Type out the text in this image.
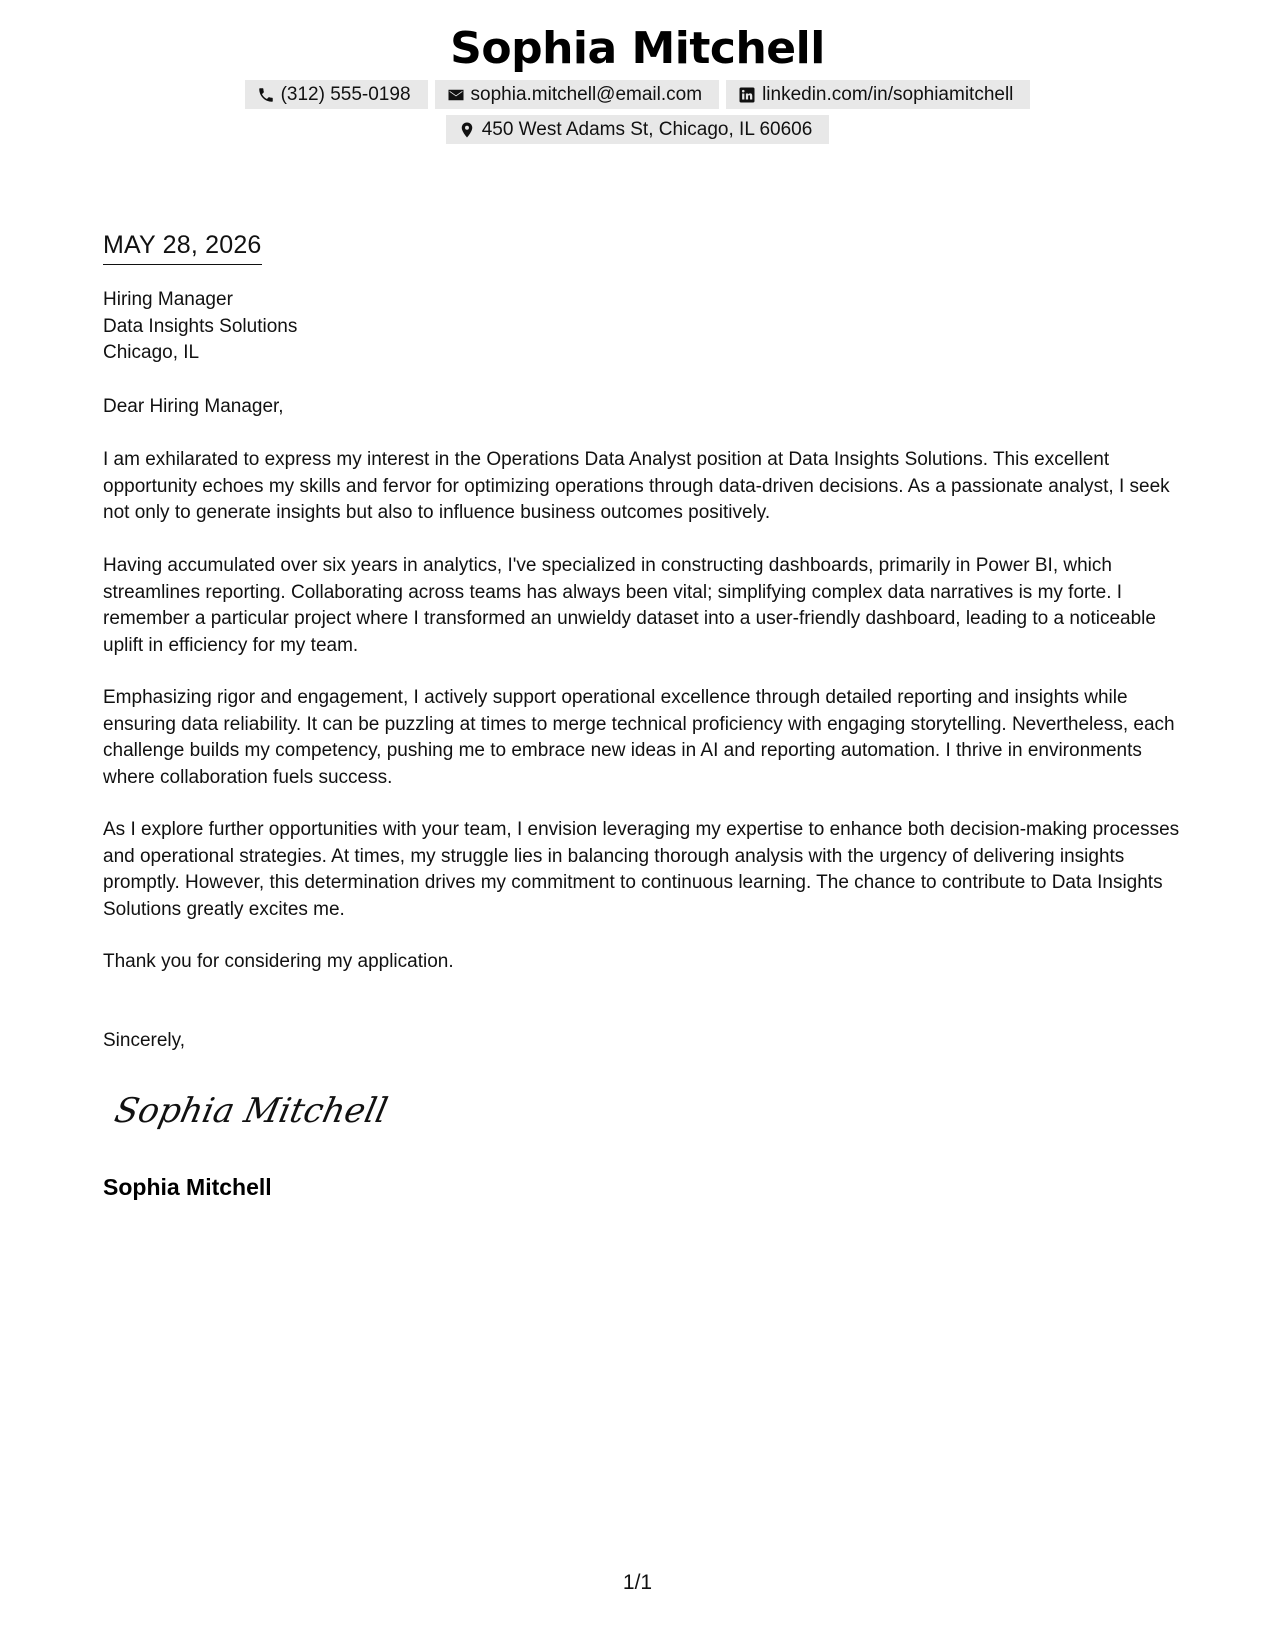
Sophia Mitchell
(312) 555-0198	sophia.mitchell@email.com	linkedin.com/in/sophiamitchell
450 West Adams St, Chicago, IL 60606
MAY 28, 2026
Hiring Manager
Data Insights Solutions
Chicago, IL
Dear Hiring Manager,
I am exhilarated to express my interest in the Operations Data Analyst position at Data Insights Solutions. This excellent opportunity echoes my skills and fervor for optimizing operations through data-driven decisions. As a passionate analyst, I seek not only to generate insights but also to influence business outcomes positively.
Having accumulated over six years in analytics, I've specialized in constructing dashboards, primarily in Power BI, which streamlines reporting. Collaborating across teams has always been vital; simplifying complex data narratives is my forte. I remember a particular project where I transformed an unwieldy dataset into a user-friendly dashboard, leading to a noticeable uplift in efficiency for my team.
Emphasizing rigor and engagement, I actively support operational excellence through detailed reporting and insights while ensuring data reliability. It can be puzzling at times to merge technical proficiency with engaging storytelling. Nevertheless, each challenge builds my competency, pushing me to embrace new ideas in AI and reporting automation. I thrive in environments where collaboration fuels success.
As I explore further opportunities with your team, I envision leveraging my expertise to enhance both decision-making processes and operational strategies. At times, my struggle lies in balancing thorough analysis with the urgency of delivering insights promptly. However, this determination drives my commitment to continuous learning. The chance to contribute to Data Insights Solutions greatly excites me.
Thank you for considering my application.
Sincerely,
Sophia Mitchell
Sophia Mitchell
1/1
